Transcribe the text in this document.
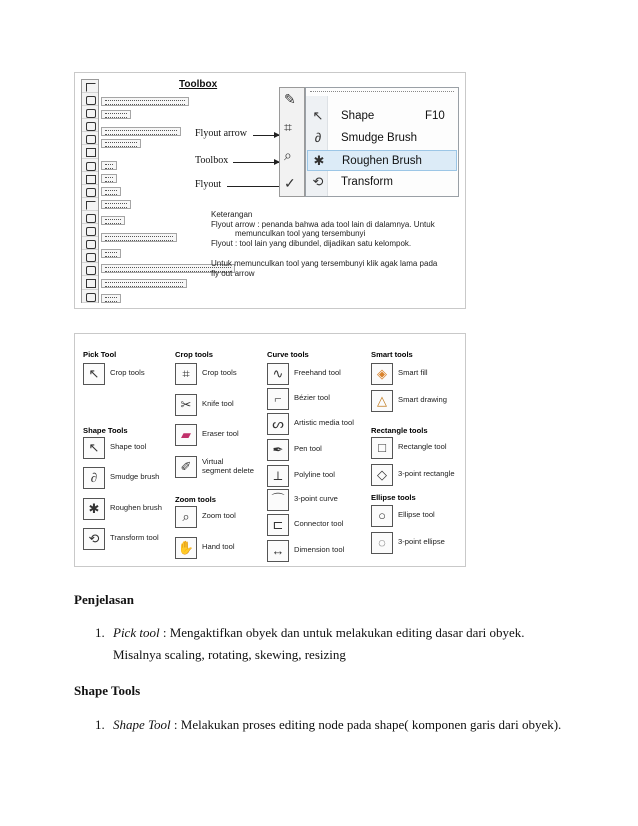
Toolbox
Flyout arrow
Toolbox
Flyout
✎
⌗
⌕
✓
↖ Shape	F10
∂	Smudge Brush
✱ Roughen Brush
⟲ Transform
Keterangan
Flyout arrow : penanda bahwa ada tool lain di dalamnya. Untuk
memunculkan tool yang tersembunyi
Flyout : tool lain yang dibundel, dijadikan satu kelompok.
Untuk memunculkan tool yang tersembunyi klik agak lama pada
fly out arrow
Pick Tool
↖	Crop tools
Shape Tools
↖	Shape tool
∂	Smudge brush
✱	Roughen brush
⟲	Transform tool
Crop tools
⌗	Crop tools
✂	Knife tool
▰	Eraser tool
✐	Virtual
segment delete
Zoom tools
⌕	Zoom tool
✋	Hand tool
Curve tools
∿	Freehand tool
⌐	Bézier tool
ᔕ	Artistic media tool
✒	Pen tool
⟂	Polyline tool
⌒	3-point curve
⊏	Connector tool
↔	Dimension tool
Smart tools
◈	Smart fill
△	Smart drawing
Rectangle tools
□	Rectangle tool
◇	3-point rectangle
Ellipse tools
○	Ellipse tool
◌	3-point ellipse
Penjelasan
1. Pick tool : Mengaktifkan obyek dan untuk melakukan editing dasar dari obyek. Misalnya scaling, rotating, skewing, resizing
Shape Tools
1. Shape Tool : Melakukan proses editing node pada shape( komponen garis dari obyek).
